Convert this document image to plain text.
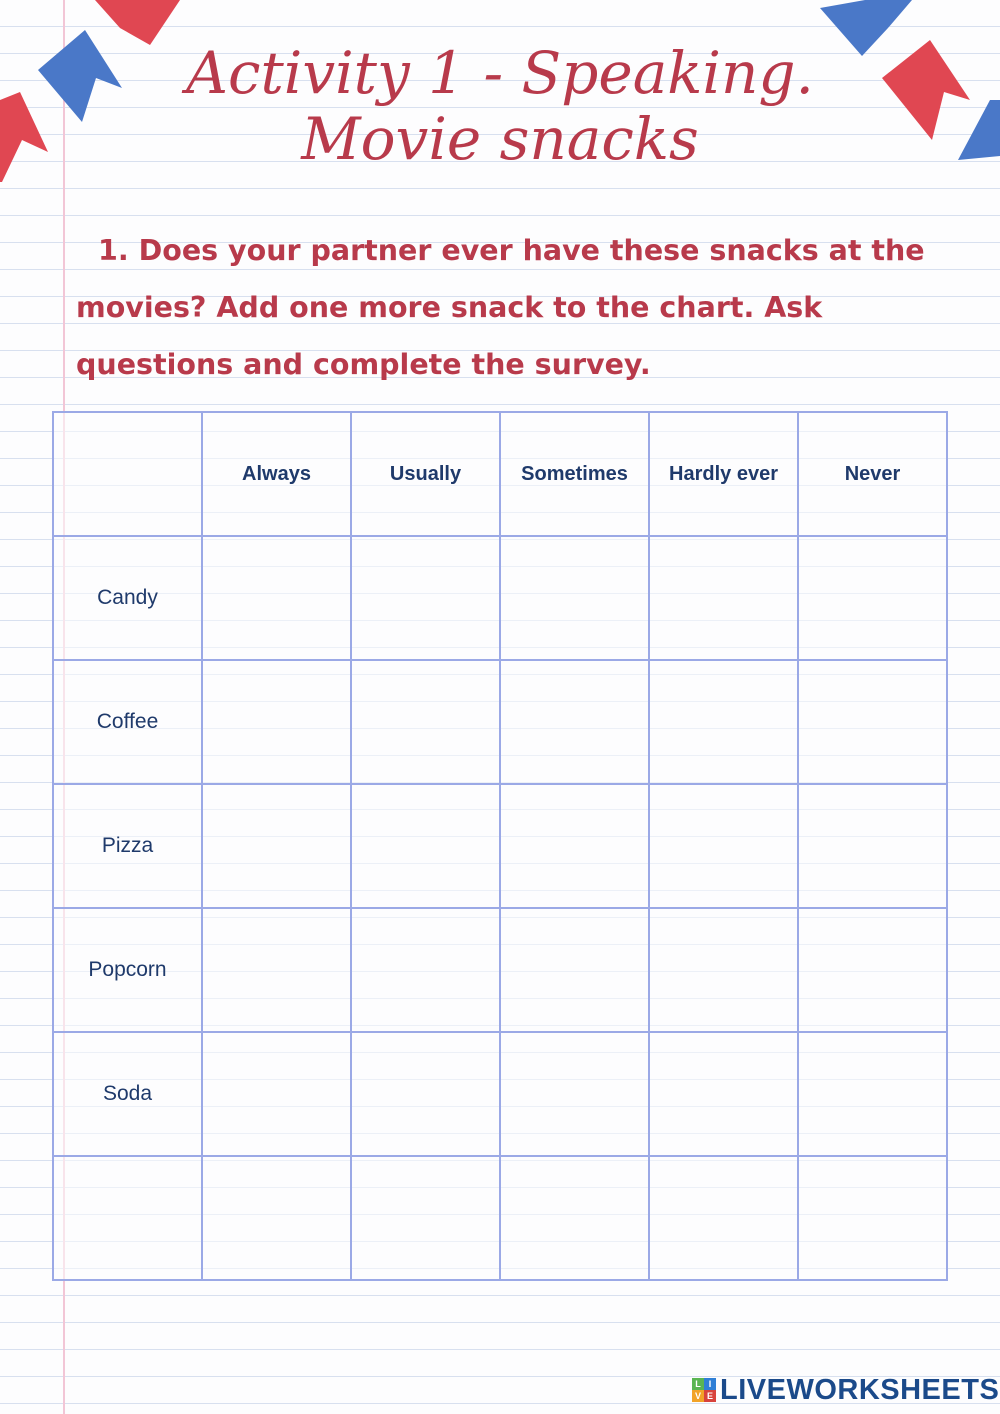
Activity 1 - Speaking.
Movie snacks

1. Does your partner ever have these snacks at the movies? Add one more snack to the chart. Ask questions and complete the survey.

	Always	Usually	Sometimes	Hardly ever	Never
Candy					
Coffee					
Pizza					
Popcorn					
Soda					

L I
V E LIVEWORKSHEETS
